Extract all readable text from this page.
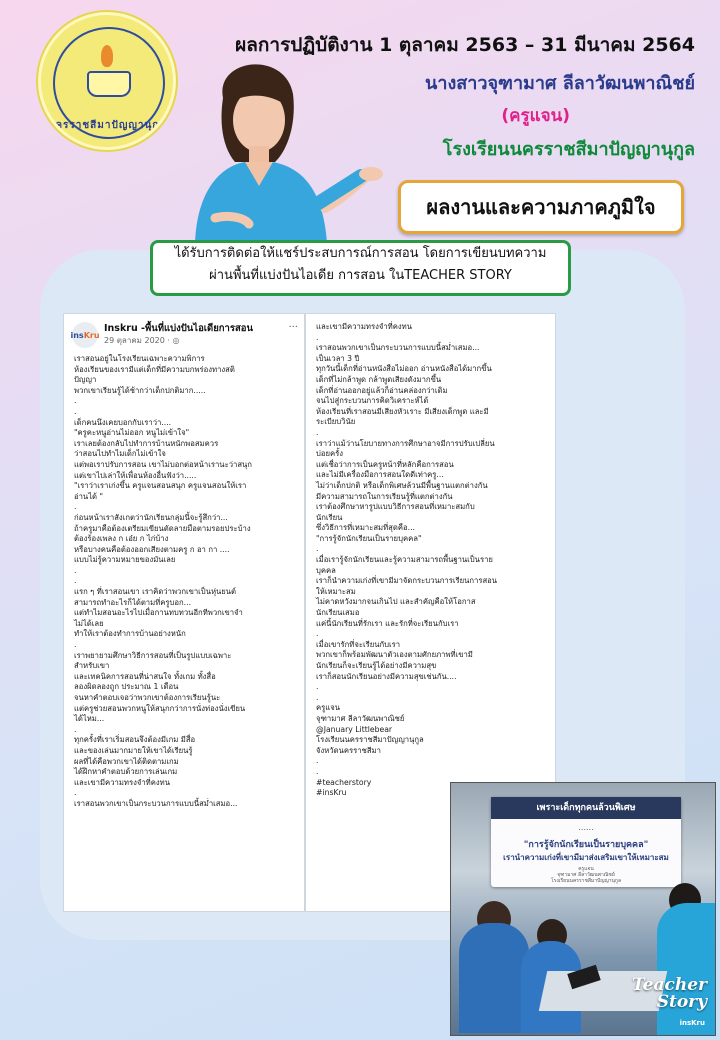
นครราชสีมาปัญญานุกูล
ผลการปฏิบัติงาน 1 ตุลาคม 2563 – 31 มีนาคม 2564
นางสาวจุฑามาศ ลีลาวัฒนพาณิชย์
(ครูแจน)
โรงเรียนนครราชสีมาปัญญานุกูล
ผลงานและความภาคภูมิใจ
ได้รับการติดต่อให้แชร์ประสบการณ์การสอน โดยการเขียนบทความ
ผ่านพื้นที่แบ่งปันไอเดีย การสอน ในTEACHER STORY
ins Kru
Inskru -พื้นที่แบ่งปันไอเดียการสอน
29 ตุลาคม 2020 · ◎
···
เราสอนอยู่ในโรงเรียนเฉพาะความพิการ
ห้องเรียนของเรามีแต่เด็กที่มีความบกพร่องทางสติ
ปัญญา
พวกเขาเรียนรู้ได้ช้ากว่าเด็กปกติมาก.....
.
.
เด็กคนนึงเคยบอกกับเราว่า....
"ครูคะหนูอ่านไม่ออก หนูไม่เข้าใจ"
เราเลยต้องกลับไปทำการบ้านหนักพอสมควร
ว่าสอนไปทำไมเด็กไม่เข้าใจ
แต่พอเราปรับการสอน เขาไม่บอกต่อหน้าเรานะว่าสนุก
แต่เขาไปเล่าให้เพื่อนห้องอื่นฟังว่า.....
"เราว่าเราเก่งขึ้น ครูแจนสอนสนุก ครูแจนสอนให้เรา
อ่านได้ "
.
ก่อนหน้าเราสังเกตว่านักเรียนกลุ่มนี้จะรู้สึกว่า...
ถ้าครูมาคือต้องเตรียมเขียนตัดลายมือตามรอยประบ้าง
ต้องร้องเพลง ก เอ๋ย ก ไก่บ้าง
หรือบางคนคือต้องออกเสียงตามครู ก อา กา ....
แบบไม่รู้ความหมายของมันเลย
.
.
แรก ๆ ที่เราสอนเขา เราคิดว่าพวกเขาเป็นหุ่นยนต์
สามารถทำอะไรก็ได้ตามที่ครูบอก...
แต่ทำไมสอนอะไรไปเมื่อกานทบทวนอีกทีพวกเขาจำ
ไม่ได้เลย
ทำให้เราต้องทำการบ้านอย่างหนัก
.
เราพยายามศึกษาวิธีการสอนที่เป็นรูปแบบเฉพาะ
สำหรับเขา
และเทคนิคการสอนที่น่าสนใจ ทั้งเกม ทั้งสื่อ
ลองผิดลองถูก ประมาณ 1 เดือน
จนหาคำตอบเจอว่าพวกเขาต้องการเรียนรู้นะ
แต่ครูช่วยสอนพวกหนูให้สนุกกว่าการนั่งท่องนั่งเขียน
ได้ไหม...
.
ทุกครั้งที่เราเริ่มสอนจึงต้องมีเกม มีสื่อ
และของเล่นมากมายให้เขาได้เรียนรู้
ผลที่ได้คือพวกเขาได้ติดตามเกม
ได้ฝึกหาคำตอบด้วยการเล่นเกม
และเขามีความทรงจำที่คงทน
.
เราสอนพวกเขาเป็นกระบวนการแบบนี้สม่ำเสมอ...
และเขามีความทรงจำที่คงทน
.
เราสอนพวกเขาเป็นกระบวนการแบบนี้สม่ำเสมอ...
เป็นเวลา 3 ปี
ทุกวันนี้เด็กที่อ่านหนังสือไม่ออก อ่านหนังสือได้มากขึ้น
เด็กที่ไม่กล้าพูด กล้าพูดเสียงดังมากขึ้น
เด็กที่อ่านออกอยู่แล้วก็อ่านคล่องกว่าเดิม
จนไปสู่กระบวนการคิดวิเคราะห์ได้
ห้องเรียนที่เราสอนมีเสียงหัวเราะ มีเสียงเด็กพูด และมี
ระเบียบวินัย
.
เราว่าแม้ว่านโยบายทางการศึกษาอาจมีการปรับเปลี่ยน
บ่อยครั้ง
แต่เชื่อว่าการเป็นครูหน้าที่หลักคือการสอน
และไม่มีเครื่องมือการสอนใดดีเท่าครู...
ไม่ว่าเด็กปกติ หรือเด็กพิเศษล้วนมีพื้นฐานแตกต่างกัน
มีความสามารถในการเรียนรู้ที่แตกต่างกัน
เราต้องศึกษาหารูปแบบวิธีการสอนที่เหมาะสมกับ
นักเรียน
ซึ่งวิธีการที่เหมาะสมที่สุดคือ...
"การรู้จักนักเรียนเป็นรายบุคคล"
.
เมื่อเรารู้จักนักเรียนและรู้ความสามารถพื้นฐานเป็นราย
บุคคล
เราก็นำความเก่งที่เขามีมาจัดกระบวนการเรียนการสอน
ให้เหมาะสม
ไม่คาดหวังมากจนเกินไป และสำคัญคือให้โอกาส
นักเรียนเสมอ
แค่นี้นักเรียนที่รักเรา และรักที่จะเรียนกับเรา
.
เมื่อเขารักที่จะเรียนกับเรา
พวกเขาก็พร้อมพัฒนาตัวเองตามศักยภาพที่เขามี
นักเรียนก็จะเรียนรู้ได้อย่างมีความสุข
เราก็สอนนักเรียนอย่างมีความสุขเช่นกัน....
.
.
ครูแจน
จุฑามาศ ลีลาวัฒนพาณิชย์
@January Littlebear
โรงเรียนนครราชสีมาปัญญานุกูล
จังหวัดนครราชสีมา
.
.
#teacherstory
#insKru
เพราะเด็กทุกคนล้วนพิเศษ
......
"การรู้จักนักเรียนเป็นรายบุคคล"
เรานำความเก่งที่เขามีมาส่งเสริมเขาให้เหมาะสม
ครูแจน
จุฑามาศ ลีลาวัฒนพาณิชย์
โรงเรียนนครราชสีมาปัญญานุกูล
Teacher
Story
insKru
